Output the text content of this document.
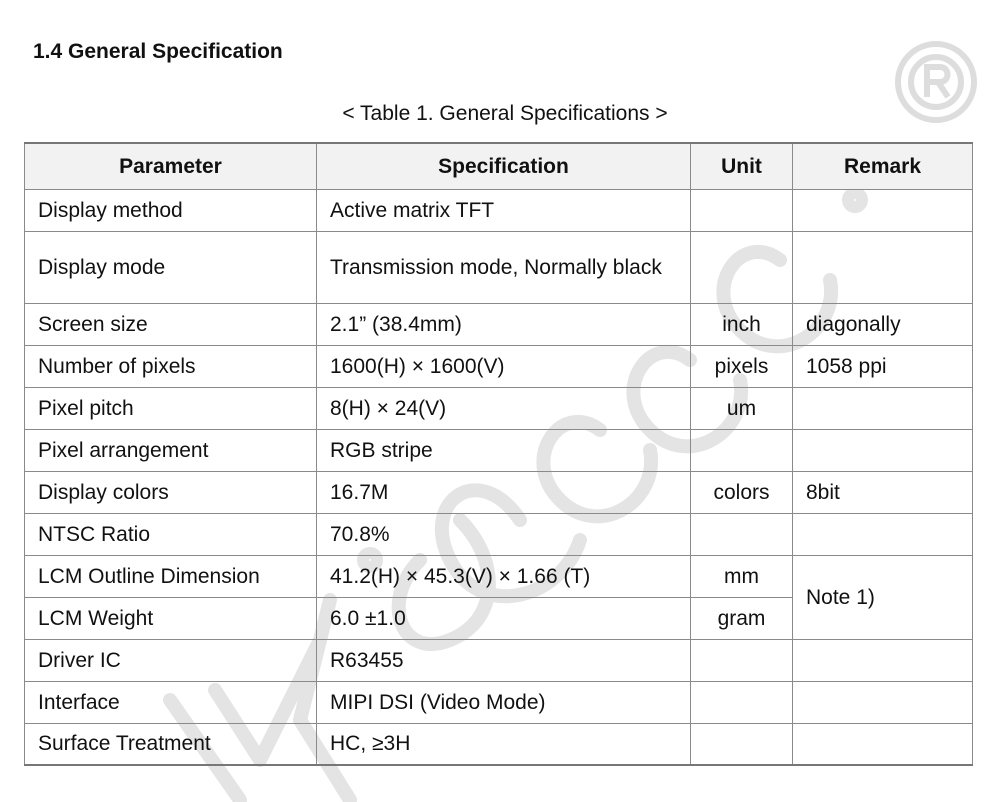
1.4 General Specification
< Table 1. General Specifications >
Parameter	Specification	Unit	Remark
Display method	Active matrix TFT		
Display mode	Transmission mode, Normally black		
Screen size	2.1” (38.4mm)	inch	diagonally
Number of pixels	1600(H) × 1600(V)	pixels	1058 ppi
Pixel pitch	8(H) × 24(V)	um	
Pixel arrangement	RGB stripe		
Display colors	16.7M	colors	8bit
NTSC Ratio	70.8%		
LCM Outline Dimension	41.2(H) × 45.3(V) × 1.66 (T)	mm	Note 1)
LCM Weight	6.0 ±1.0	gram	
Driver IC	R63455		
Interface	MIPI DSI (Video Mode)		
Surface Treatment	HC, ≥3H		
